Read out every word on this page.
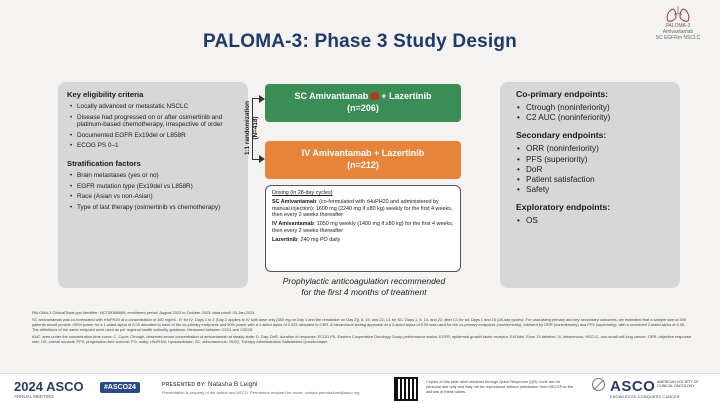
PALOMA-3: Phase 3 Study Design
PALOMA-3
Amivantamab
SC EGFRm NSCLC
Key eligibility criteria
• Locally advanced or metastatic NSCLC
• Disease had progressed on or after osimertinib and platinum-based chemotherapy, irrespective of order
• Documented EGFR Ex19del or L858R
• ECOG PS 0–1
Stratification factors
• Brain metastases (yes or no)
• EGFR mutation type (Ex19del vs L858R)
• Race (Asian vs non-Asian)
• Type of last therapy (osimertinib vs chemotherapy)
1:1 randomization
(N=418)
SC Amivantamab + Lazertinib
(n=206)
IV Amivantamab + Lazertinib
(n=212)

Dosing (in 28-day cycles)

SC Amivantamab: (co-formulated with rHuPH20 and administered by manual injection): 1600 mg (2240 mg if ≥80 kg) weekly for the first 4 weeks, then every 2 weeks thereafter

IV Amivantamab: 1050 mg weekly (1400 mg if ≥80 kg) for the first 4 weeks, then every 2 weeks thereafter

Lazertinib: 240 mg PO daily

Prophylactic anticoagulation recommended
for the first 4 months of treatment
Co-primary endpoints:
• Ctrough (noninferiority)
• C2 AUC (noninferiority)
Secondary endpoints:
• ORR (noninferiority)
• PFS (superiority)
• DoR
• Patient satisfaction
• Safety
Exploratory endpoints:
• OS

PALOMA-3 ClinicalTrials.gov Identifier: NCT05388669; enrollment period: August 2022 to October 2023; data cutoff: 03-Jan-2024.

SC amivantamab was co-formulated with rHuPH20 at a concentration of 160 mg/mL. IV for IV: Days 1 to 2 (Day 2 applies to IV split dose only [350 mg on Day 1 and the remainder on Day 2]), 8, 15, and 22; C1 for SC: Days 1, 8, 15, and 22; after C1 for all: Days 1 and 15 (28-day cycles). For calculating primary and key secondary outcomes, we estimated that a sample size of 400 patients would provide >90% power for a 1-sided alpha of 0.05 allocated to each of the co-primary endpoints and 90% power with a 1-sided alpha of 0.025 allocated to ORR. A hierarchical testing approach at a 2-sided alpha of 0.05 was used for the co-primary endpoints (noninferiority), followed by ORR (noninferiority) and PFS (superiority); with a combined 2-sided alpha of 0.05. The definitions of the same endpoint were used as per regional health authority guidance. Measured between C2D1 and C2D15.

AUC, area under the concentration-time curve; C, Cycle; Ctrough, observed serum concentration of amivantamab at steady state; D, Day; DoR, duration of response; ECOG PS, Eastern Cooperative Oncology Group performance status; EGFR, epidermal growth factor receptor; Ex19del, Exon 19 deletion; IV, intravenous; NSCLC, non-small cell lung cancer; ORR, objective response rate; OS, overall survival; PFS, progression-free survival; PO, orally; rHuPH20, hyaluronidase; SC, subcutaneous; TASQ, Therapy Administration Satisfaction Questionnaire.

2024 ASCO
ANNUAL MEETING
#ASCO24	PRESENTED BY: Natasha B Leighl
Presentation is property of the author and ASCO. Permission required for reuse; contact permissions@asco.org
Copies of this slide deck obtained through Quick Response (QR) Code are for personal use only and may not be reproduced without permission from ASCO® or the authors of these slides.	ASCO AMERICAN SOCIETY OF CLINICAL ONCOLOGY
KNOWLEDGE CONQUERS CANCER
